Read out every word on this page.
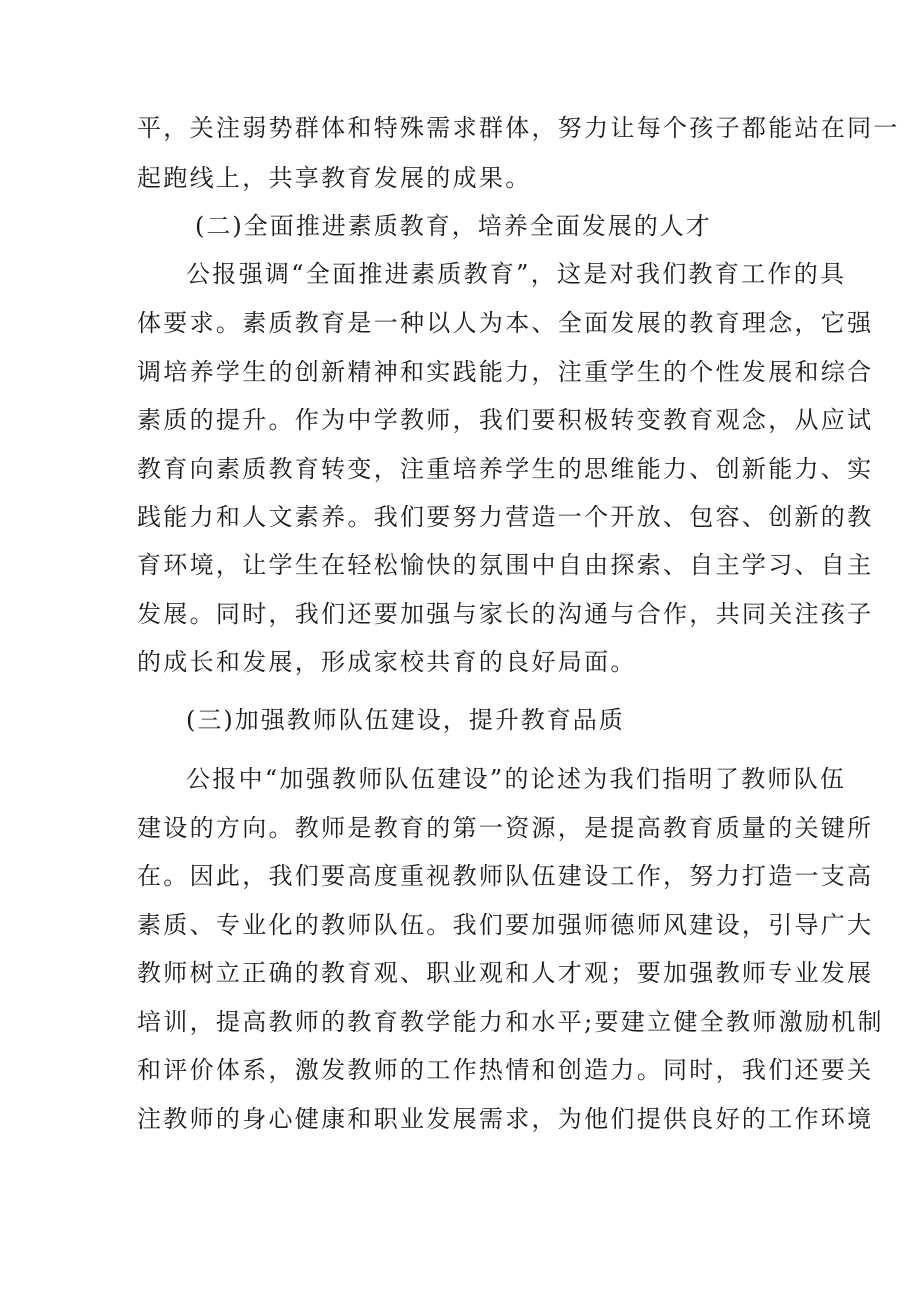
平，关注弱势群体和特殊需求群体，努力让每个孩子都能站在同一
起跑线上，共享教育发展的成果。
(二)全面推进素质教育，培养全面发展的人才
公报强调“全面推进素质教育”，这是对我们教育工作的具
体要求。素质教育是一种以人为本、全面发展的教育理念，它强
调培养学生的创新精神和实践能力，注重学生的个性发展和综合
素质的提升。作为中学教师，我们要积极转变教育观念，从应试
教育向素质教育转变，注重培养学生的思维能力、创新能力、实
践能力和人文素养。我们要努力营造一个开放、包容、创新的教
育环境，让学生在轻松愉快的氛围中自由探索、自主学习、自主
发展。同时，我们还要加强与家长的沟通与合作，共同关注孩子
的成长和发展，形成家校共育的良好局面。
(三)加强教师队伍建设，提升教育品质
公报中“加强教师队伍建设”的论述为我们指明了教师队伍
建设的方向。教师是教育的第一资源，是提高教育质量的关键所
在。因此，我们要高度重视教师队伍建设工作，努力打造一支高
素质、专业化的教师队伍。我们要加强师德师风建设，引导广大
教师树立正确的教育观、职业观和人才观；要加强教师专业发展
培训，提高教师的教育教学能力和水平;要建立健全教师激励机制
和评价体系，激发教师的工作热情和创造力。同时，我们还要关
注教师的身心健康和职业发展需求，为他们提供良好的工作环境
